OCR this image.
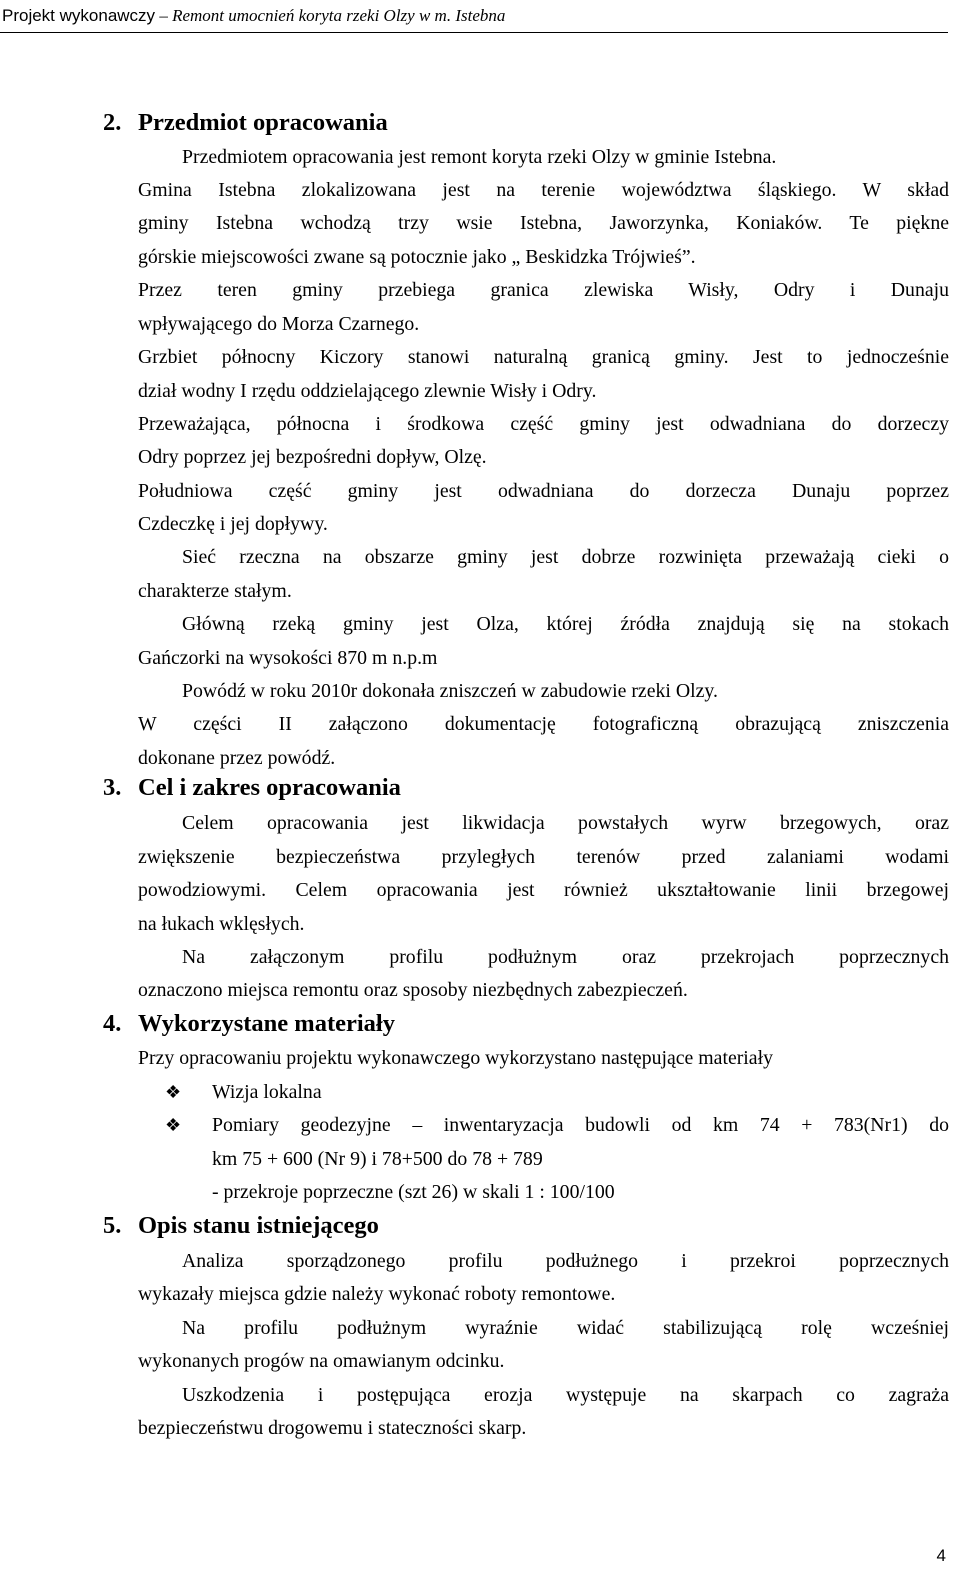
Projekt wykonawczy – Remont umocnień koryta rzeki Olzy w m. Istebna
2. Przedmiot opracowania
Przedmiotem opracowania jest remont koryta rzeki Olzy w gminie Istebna.
Gmina Istebna zlokalizowana jest na terenie województwa śląskiego. W skład
gminy Istebna wchodzą trzy wsie Istebna, Jaworzynka, Koniaków. Te piękne
górskie miejscowości zwane są potocznie jako „ Beskidzka Trójwieś”.
Przez teren gminy przebiega granica zlewiska Wisły, Odry i Dunaju
wpływającego do Morza Czarnego.
Grzbiet północny Kiczory stanowi naturalną granicą gminy. Jest to jednocześnie
dział wodny I rzędu oddzielającego zlewnie Wisły i Odry.
Przeważająca, północna i środkowa część gminy jest odwadniana do dorzeczy
Odry poprzez jej bezpośredni dopływ, Olzę.
Południowa część gminy jest odwadniana do dorzecza Dunaju poprzez
Czdeczkę i jej dopływy.
Sieć rzeczna na obszarze gminy jest dobrze rozwinięta przeważają cieki o
charakterze stałym.
Główną rzeką gminy jest Olza, której źródła znajdują się na stokach
Gańczorki na wysokości 870 m n.p.m
Powódź w roku 2010r dokonała zniszczeń w zabudowie rzeki Olzy.
W części II załączono dokumentację fotograficzną obrazującą zniszczenia
dokonane przez powódź.
3. Cel i zakres opracowania
Celem opracowania jest likwidacja powstałych wyrw brzegowych, oraz
zwiększenie bezpieczeństwa przyległych terenów przed zalaniami wodami
powodziowymi. Celem opracowania jest również ukształtowanie linii brzegowej
na łukach wklęsłych.
Na załączonym profilu podłużnym oraz przekrojach poprzecznych
oznaczono miejsca remontu oraz sposoby niezbędnych zabezpieczeń.
4. Wykorzystane materiały
Przy opracowaniu projektu wykonawczego wykorzystano następujące materiały
❖ Wizja lokalna
❖ Pomiary geodezyjne – inwentaryzacja budowli od km 74 + 783(Nr1) do
km 75 + 600 (Nr 9) i 78+500 do 78 + 789
- przekroje poprzeczne (szt 26) w skali 1 : 100/100
5. Opis stanu istniejącego
Analiza sporządzonego profilu podłużnego i przekroi poprzecznych
wykazały miejsca gdzie należy wykonać roboty remontowe.
Na profilu podłużnym wyraźnie widać stabilizującą rolę wcześniej
wykonanych progów na omawianym odcinku.
Uszkodzenia i postępująca erozja występuje na skarpach co zagraża
bezpieczeństwu drogowemu i stateczności skarp.
4
